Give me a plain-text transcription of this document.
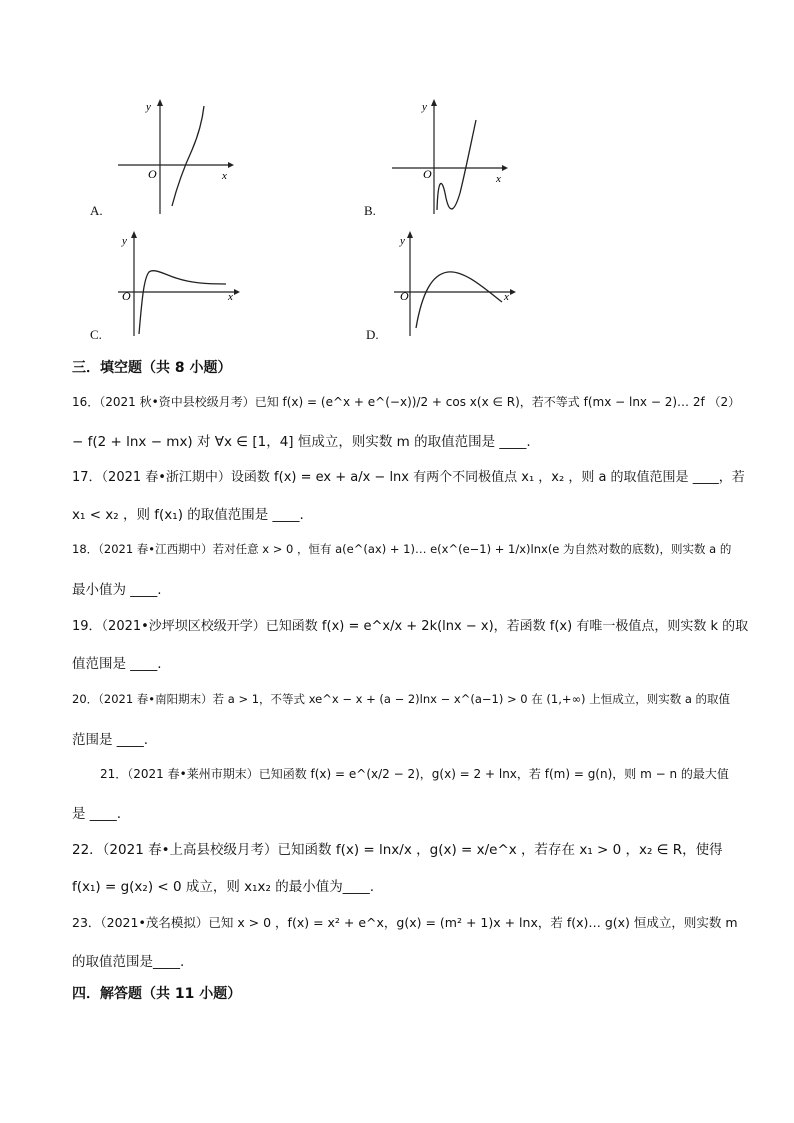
y
O	x
A.
y
O	x
B.
y
O	x
C.
y
O	x
D.
三．填空题（共 8 小题）
16．（2021 秋•资中县校级月考）已知 f(x) = (e^x + e^(−x))/2 + cos x(x ∈ R)，若不等式 f(mx − lnx − 2)… 2f （2）
− f(2 + lnx − mx) 对 ∀x ∈ [1，4] 恒成立，则实数 m 的取值范围是 ____.
17．（2021 春•浙江期中）设函数 f(x) = ex + a/x − lnx 有两个不同极值点 x₁ ，x₂ ，则 a 的取值范围是 ____，若
x₁ < x₂ ，则 f(x₁) 的取值范围是 ____.
18．（2021 春•江西期中）若对任意 x > 0 ，恒有 a(e^(ax) + 1)… e(x^(e−1) + 1/x)lnx(e 为自然对数的底数)，则实数 a 的
最小值为 ____.
19．（2021•沙坪坝区校级开学）已知函数 f(x) = e^x/x + 2k(lnx − x)，若函数 f(x) 有唯一极值点，则实数 k 的取
值范围是 ____.
20．（2021 春•南阳期末）若 a > 1，不等式 xe^x − x + (a − 2)lnx − x^(a−1) > 0 在 (1,+∞) 上恒成立，则实数 a 的取值
范围是 ____.
21．（2021 春•莱州市期末）已知函数 f(x) = e^(x/2 − 2)，g(x) = 2 + lnx，若 f(m) = g(n)，则 m − n 的最大值
是 ____.
22．（2021 春•上高县校级月考）已知函数 f(x) = lnx/x ，g(x) = x/e^x ，若存在 x₁ > 0 ，x₂ ∈ R，使得
f(x₁) = g(x₂) < 0 成立，则 x₁x₂ 的最小值为____.
23．（2021•茂名模拟）已知 x > 0 ，f(x) = x² + e^x，g(x) = (m² + 1)x + lnx，若 f(x)… g(x) 恒成立，则实数 m
的取值范围是____.
四．解答题（共 11 小题）
